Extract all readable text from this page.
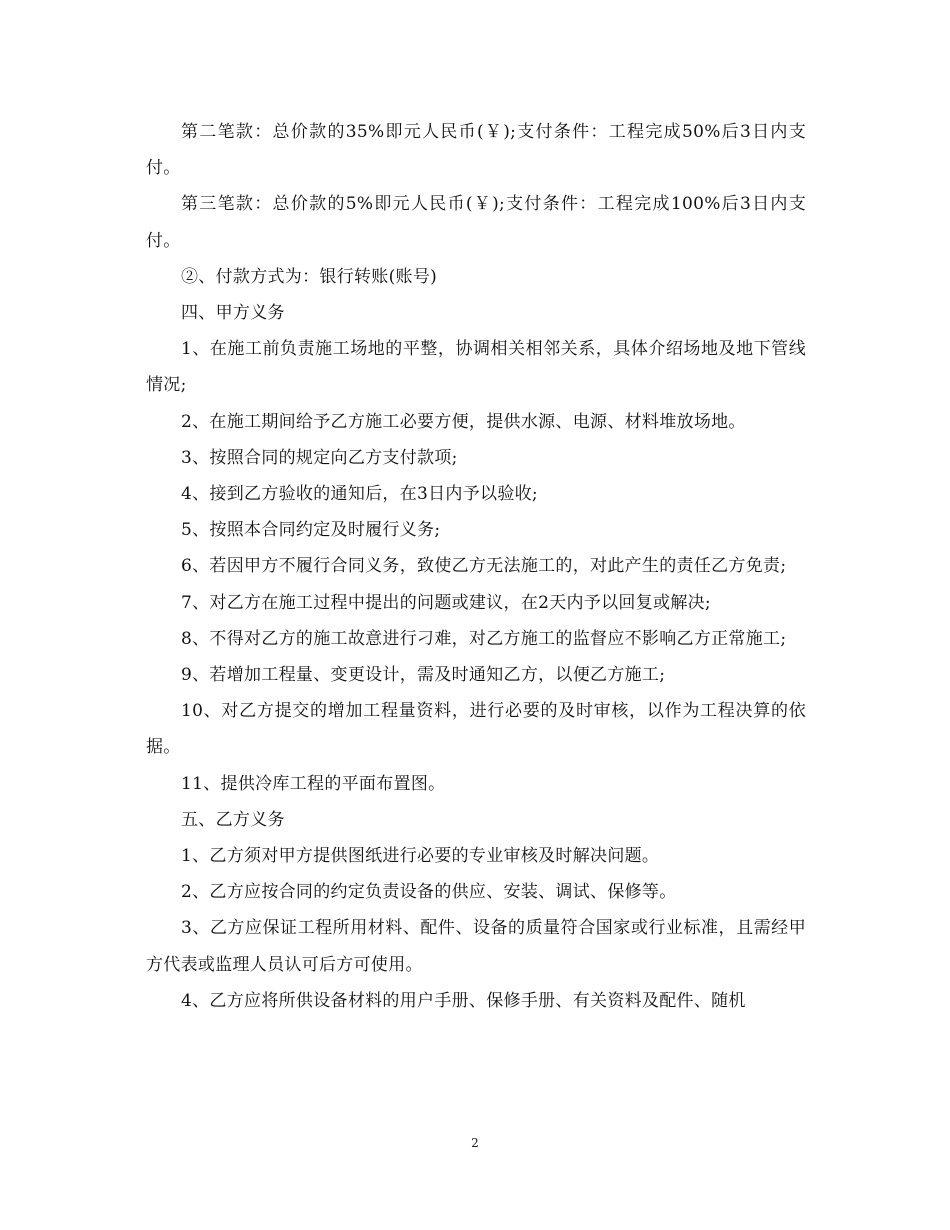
第二笔款：总价款的35%即元人民币(￥);支付条件：工程完成50%后3日内支付。

第三笔款：总价款的5%即元人民币(￥);支付条件：工程完成100%后3日内支付。

②、付款方式为：银行转账(账号)

四、甲方义务

1、在施工前负责施工场地的平整，协调相关相邻关系，具体介绍场地及地下管线情况;

2、在施工期间给予乙方施工必要方便，提供水源、电源、材料堆放场地。

3、按照合同的规定向乙方支付款项;

4、接到乙方验收的通知后，在3日内予以验收;

5、按照本合同约定及时履行义务;

6、若因甲方不履行合同义务，致使乙方无法施工的，对此产生的责任乙方免责;

7、对乙方在施工过程中提出的问题或建议，在2天内予以回复或解决;

8、不得对乙方的施工故意进行刁难，对乙方施工的监督应不影响乙方正常施工;

9、若增加工程量、变更设计，需及时通知乙方，以便乙方施工;

10、对乙方提交的增加工程量资料，进行必要的及时审核，以作为工程决算的依据。

11、提供冷库工程的平面布置图。

五、乙方义务

1、乙方须对甲方提供图纸进行必要的专业审核及时解决问题。

2、乙方应按合同的约定负责设备的供应、安装、调试、保修等。

3、乙方应保证工程所用材料、配件、设备的质量符合国家或行业标准，且需经甲方代表或监理人员认可后方可使用。

4、乙方应将所供设备材料的用户手册、保修手册、有关资料及配件、随机

2
